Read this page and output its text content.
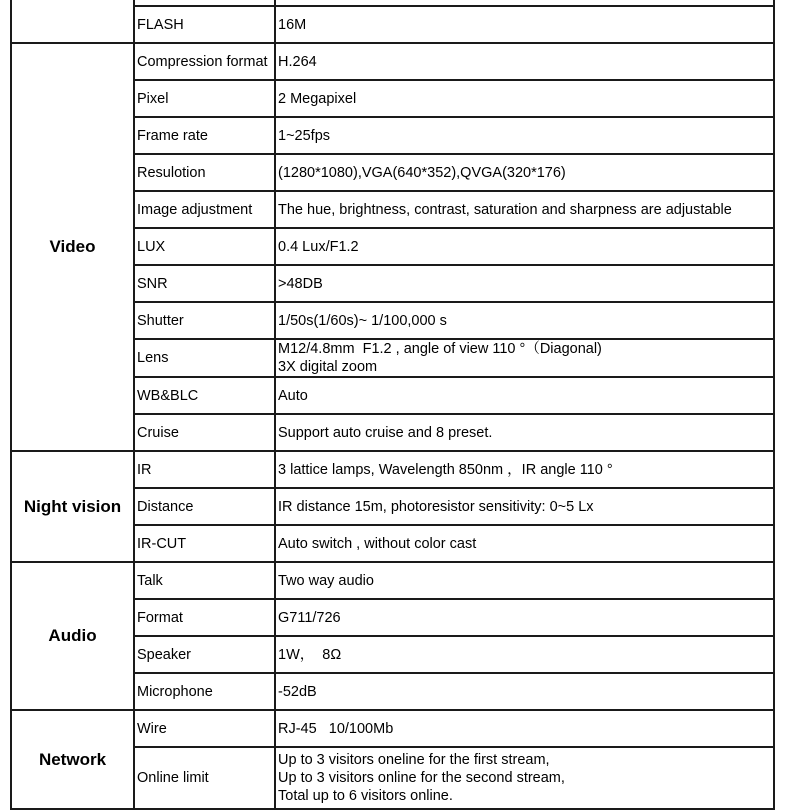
	FLASH	16M
Video	Compression format	H.264
	Pixel	2 Megapixel
	Frame rate	1~25fps
	Resulotion	(1280*1080),VGA(640*352),QVGA(320*176)
	Image adjustment	The hue, brightness, contrast, saturation and sharpness are adjustable
	LUX	0.4 Lux/F1.2
	SNR	>48DB
	Shutter	1/50s(1/60s)~ 1/100,000 s
	Lens	M12/4.8mm  F1.2 , angle of view 110 °（Diagonal)
3X digital zoom
	WB&BLC	Auto
	Cruise	Support auto cruise and 8 preset.
Night vision	IR	3 lattice lamps, Wavelength 850nm ，IR angle 110 °
	Distance	IR distance 15m, photoresistor sensitivity: 0~5 Lx
	IR-CUT	Auto switch , without color cast
Audio	Talk	Two way audio
	Format	G711/726
	Speaker	1W，  8Ω
	Microphone	-52dB
Network	Wire	RJ-45   10/100Mb
	Online limit	Up to 3 visitors oneline for the first stream,
Up to 3 visitors online for the second stream,
Total up to 6 visitors online.
